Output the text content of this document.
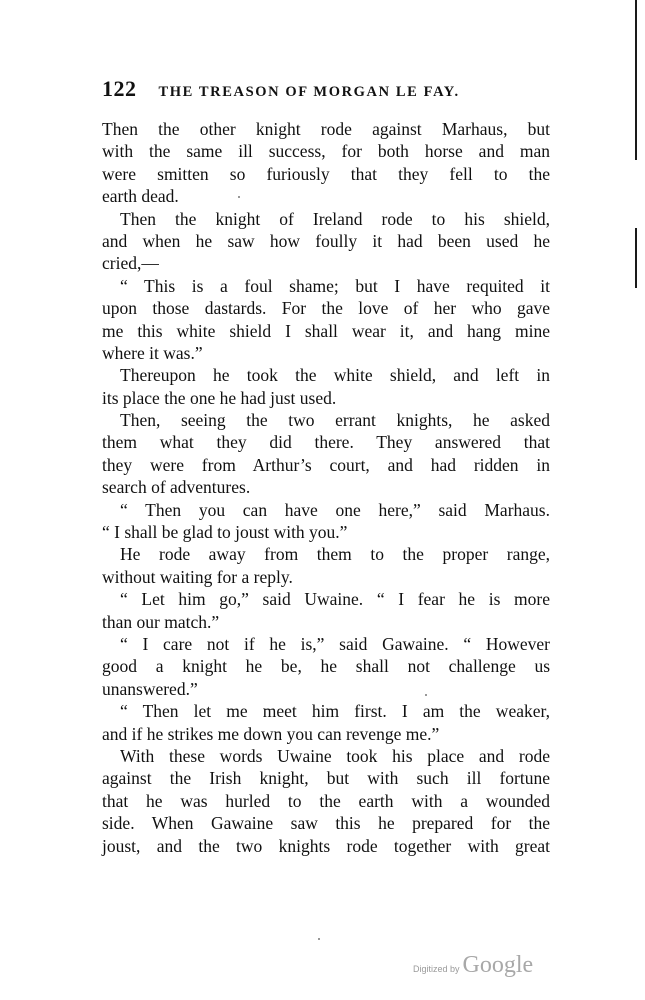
122 THE TREASON OF MORGAN LE FAY.
Then the other knight rode against Marhaus, but
with the same ill success, for both horse and man
were smitten so furiously that they fell to the
earth dead.
Then the knight of Ireland rode to his shield,
and when he saw how foully it had been used he
cried,—
“ This is a foul shame; but I have requited it
upon those dastards. For the love of her who gave
me this white shield I shall wear it, and hang mine
where it was.”
Thereupon he took the white shield, and left in
its place the one he had just used.
Then, seeing the two errant knights, he asked
them what they did there. They answered that
they were from Arthur’s court, and had ridden in
search of adventures.
“ Then you can have one here,” said Marhaus.
“ I shall be glad to joust with you.”
He rode away from them to the proper range,
without waiting for a reply.
“ Let him go,” said Uwaine. “ I fear he is more
than our match.”
“ I care not if he is,” said Gawaine. “ However
good a knight he be, he shall not challenge us
unanswered.”
“ Then let me meet him first. I am the weaker,
and if he strikes me down you can revenge me.”
With these words Uwaine took his place and rode
against the Irish knight, but with such ill fortune
that he was hurled to the earth with a wounded
side. When Gawaine saw this he prepared for the
joust, and the two knights rode together with great
Digitized by Google
